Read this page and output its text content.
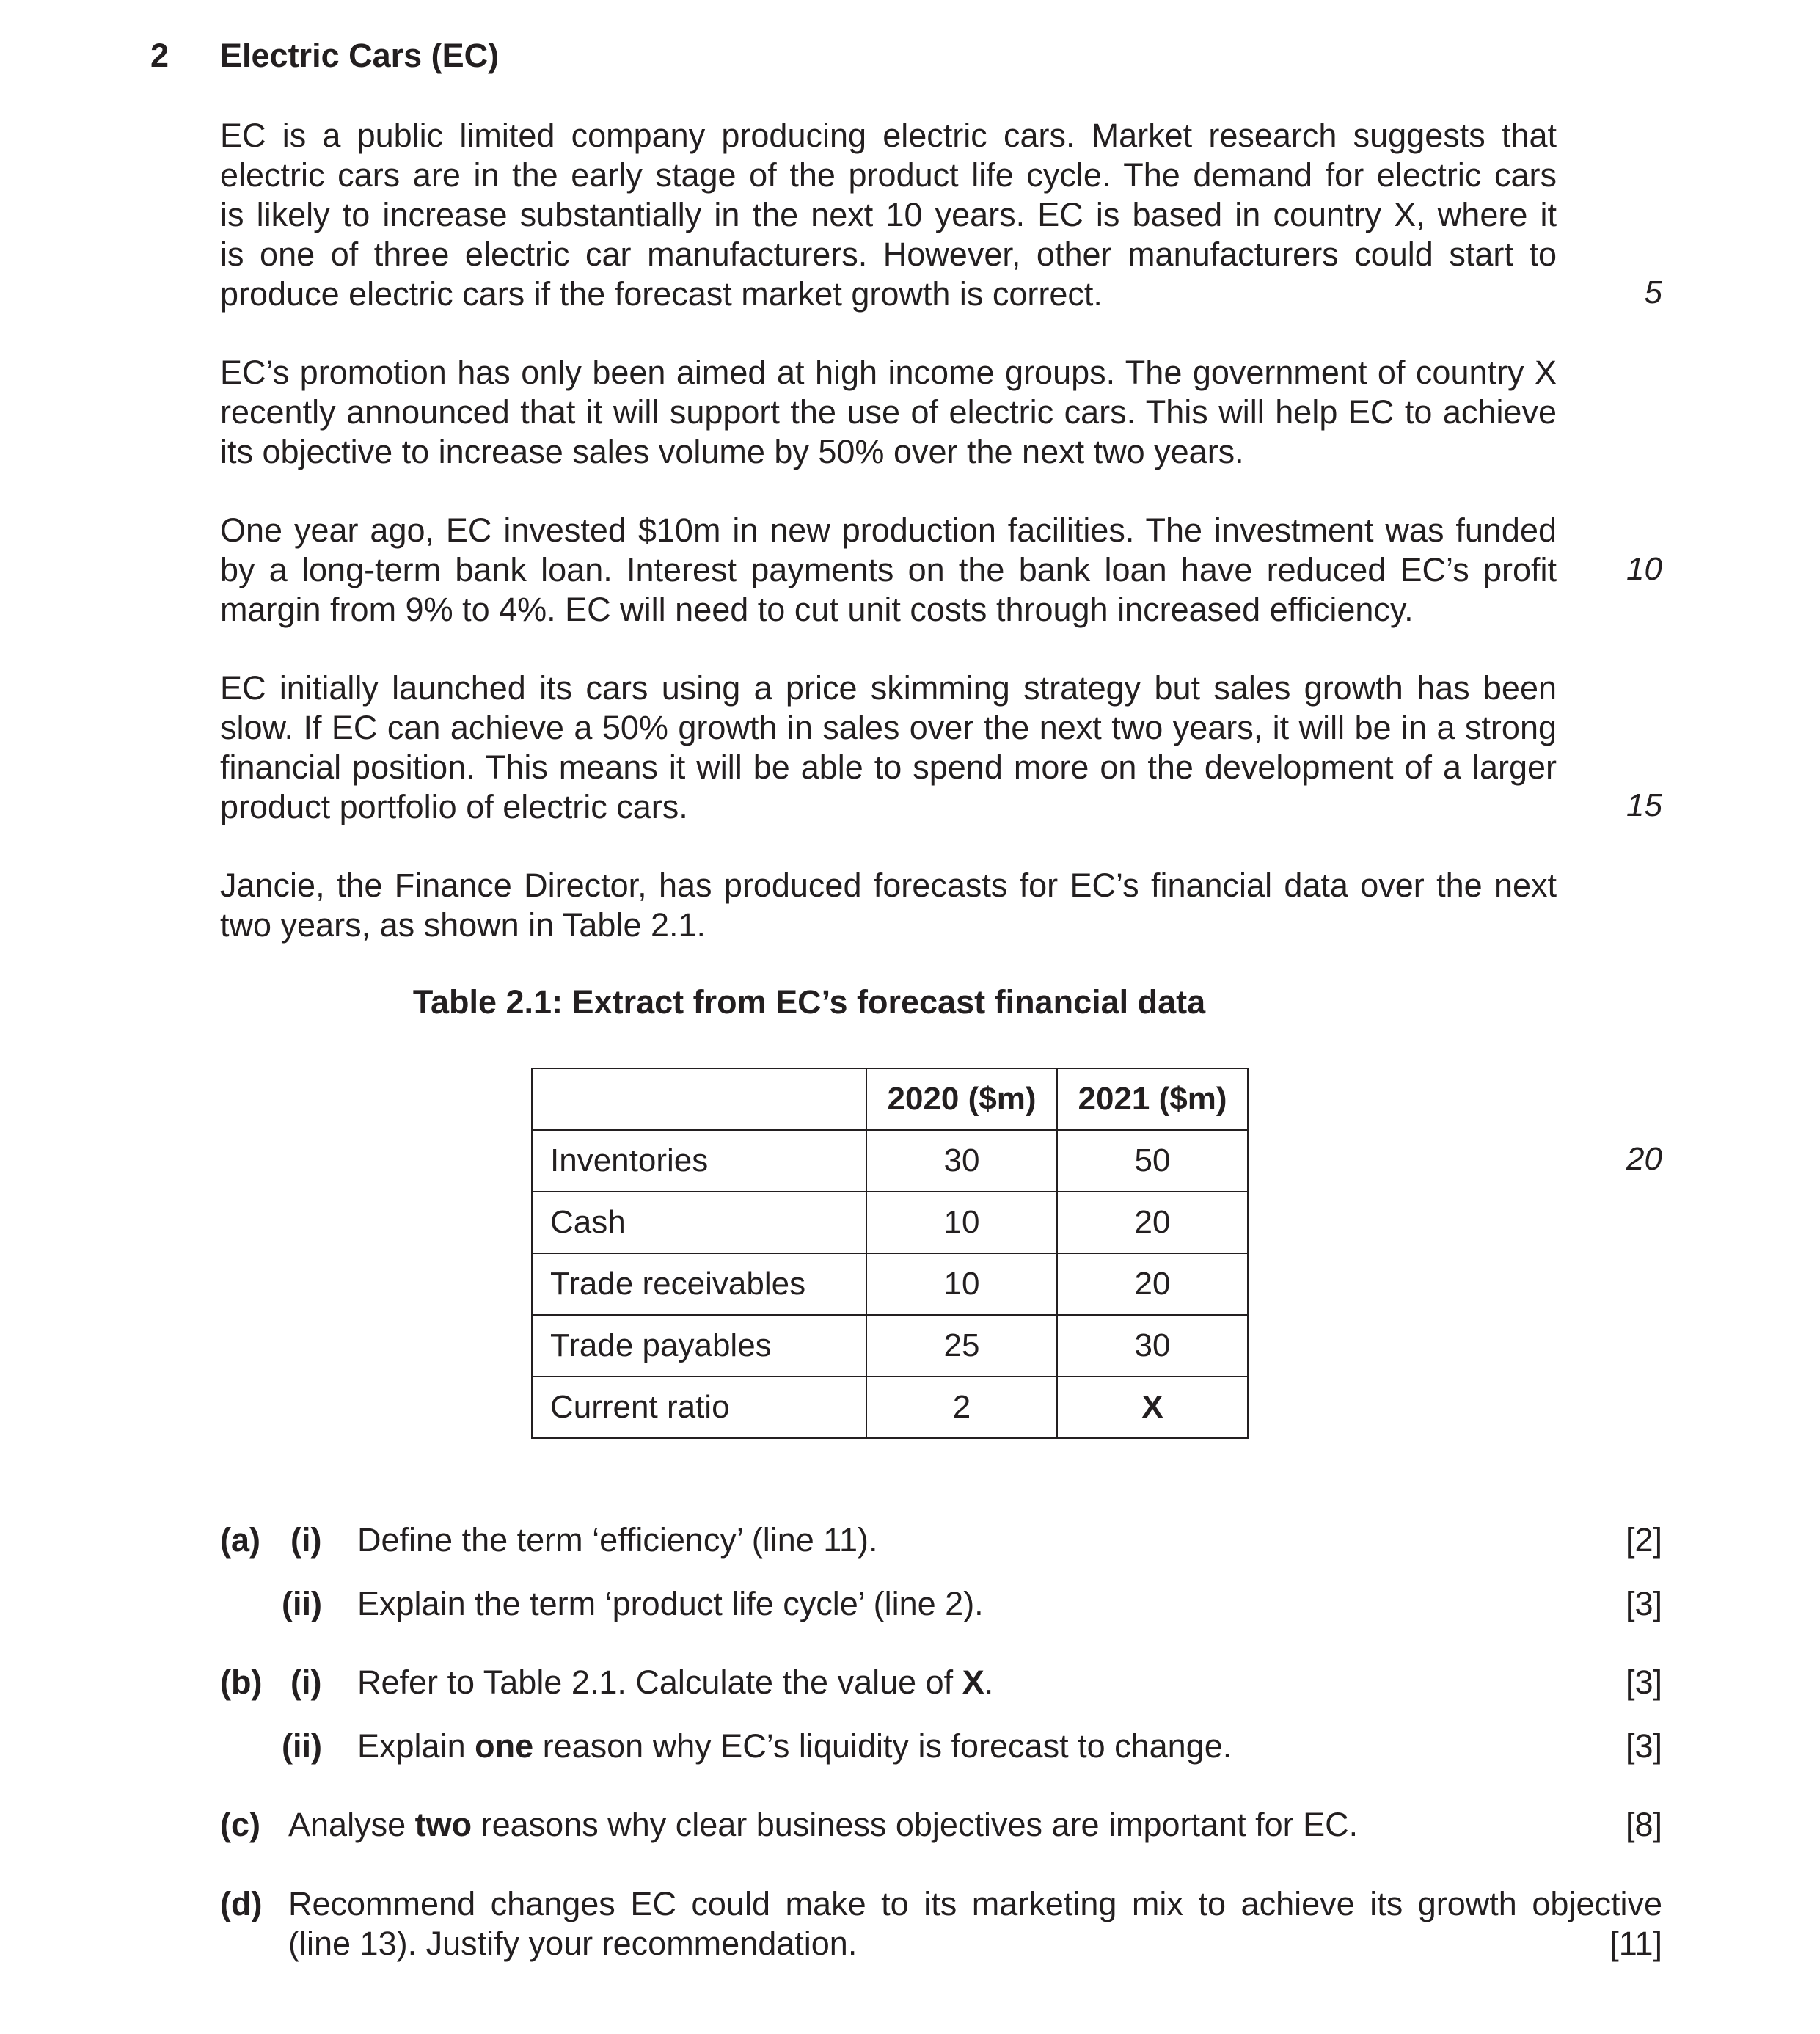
2 Electric Cars (EC)
EC is a public limited company producing electric cars. Market research suggests that
electric cars are in the early stage of the product life cycle. The demand for electric cars
is likely to increase substantially in the next 10 years. EC is based in country X, where it
is one of three electric car manufacturers. However, other manufacturers could start to
produce electric cars if the forecast market growth is correct.	5
EC’s promotion has only been aimed at high income groups. The government of country X
recently announced that it will support the use of electric cars. This will help EC to achieve
its objective to increase sales volume by 50% over the next two years.
One year ago, EC invested $10m in new production facilities. The investment was funded
by a long-term bank loan. Interest payments on the bank loan have reduced EC’s profit
margin from 9% to 4%. EC will need to cut unit costs through increased efficiency.
10
EC initially launched its cars using a price skimming strategy but sales growth has been
slow. If EC can achieve a 50% growth in sales over the next two years, it will be in a strong
financial position. This means it will be able to spend more on the development of a larger
product portfolio of electric cars.	15
Jancie, the Finance Director, has produced forecasts for EC’s financial data over the next
two years, as shown in Table 2.1.
Table 2.1: Extract from EC’s forecast financial data
	2020 ($m)	2021 ($m)
Inventories	30	50
Cash	10	20
Trade receivables	10	20
Trade payables	25	30
Current ratio	2	X
20
(a) (i) Define the term ‘efficiency’ (line 11).	[2]
(ii) Explain the term ‘product life cycle’ (line 2).	[3]
(b) (i) Refer to Table 2.1. Calculate the value of X.	[3]
(ii) Explain one reason why EC’s liquidity is forecast to change.	[3]
(c) Analyse two reasons why clear business objectives are important for EC.	[8]
(d) Recommend changes EC could make to its marketing mix to achieve its growth objective
(line 13). Justify your recommendation.	[11]
